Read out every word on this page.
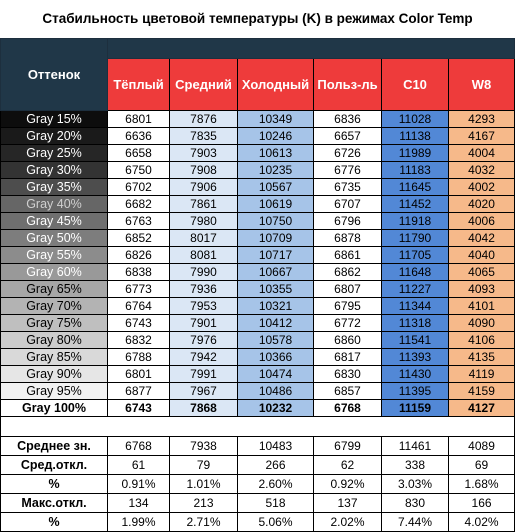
Стабильность цветовой температуры (K) в режимах Color Temp
Оттенок						
	Тёплый	Средний	Холодный	Польз-ль	C10	W8
Gray 15%	6801	7876	10349	6836	11028	4293
Gray 20%	6636	7835	10246	6657	11138	4167
Gray 25%	6658	7903	10613	6726	11989	4004
Gray 30%	6750	7908	10235	6776	11183	4032
Gray 35%	6702	7906	10567	6735	11645	4002
Gray 40%	6682	7861	10619	6707	11452	4020
Gray 45%	6763	7980	10750	6796	11918	4006
Gray 50%	6852	8017	10709	6878	11790	4042
Gray 55%	6826	8081	10717	6861	11705	4040
Gray 60%	6838	7990	10667	6862	11648	4065
Gray 65%	6773	7936	10355	6807	11227	4093
Gray 70%	6764	7953	10321	6795	11344	4101
Gray 75%	6743	7901	10412	6772	11318	4090
Gray 80%	6832	7976	10578	6860	11541	4106
Gray 85%	6788	7942	10366	6817	11393	4135
Gray 90%	6801	7991	10474	6830	11430	4119
Gray 95%	6877	7967	10486	6857	11395	4159
Gray 100%	6743	7868	10232	6768	11159	4127

Среднее зн.	6768	7938	10483	6799	11461	4089
Сред.откл.	61	79	266	62	338	69
%	0.91%	1.01%	2.60%	0.92%	3.03%	1.68%
Макс.откл.	134	213	518	137	830	166
%	1.99%	2.71%	5.06%	2.02%	7.44%	4.02%
